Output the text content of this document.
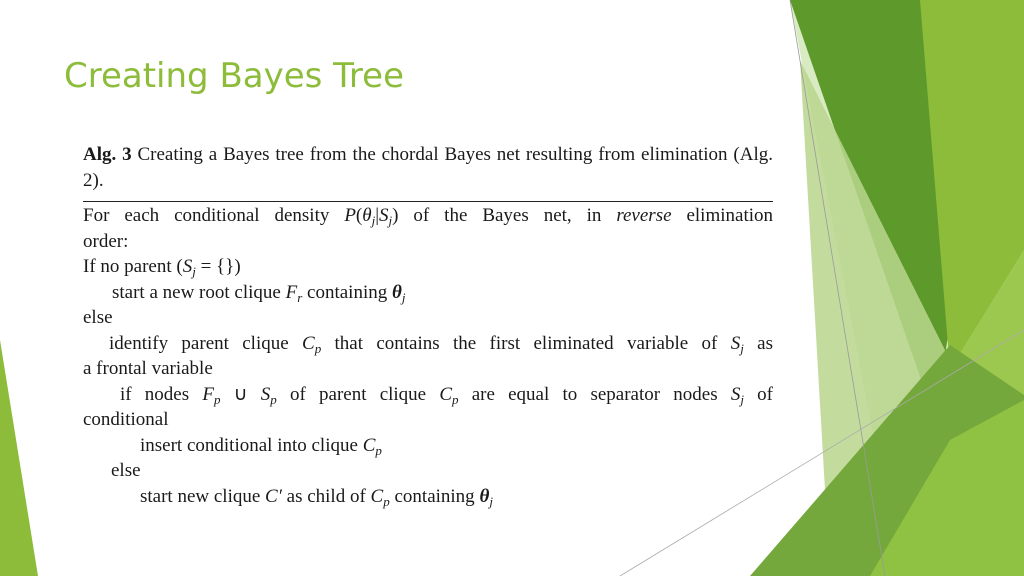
Creating Bayes Tree
Alg. 3 Creating a Bayes tree from the chordal Bayes net resulting from elimination (Alg. 2).
For each conditional density $P(\theta_j|S_j)$ of the Bayes net, in reverse elimination
order:
If no parent ($S_j$ = {})
start a new root clique $F_r$ containing $\theta_j$
else
identify parent clique $C_p$ that contains the first eliminated variable of $S_j$ as
a frontal variable
if nodes $F_p$ ∪ $S_p$ of parent clique $C_p$ are equal to separator nodes $S_j$ of
conditional
insert conditional into clique $C_p$
else
start new clique C′ as child of $C_p$ containing $\theta_j$
